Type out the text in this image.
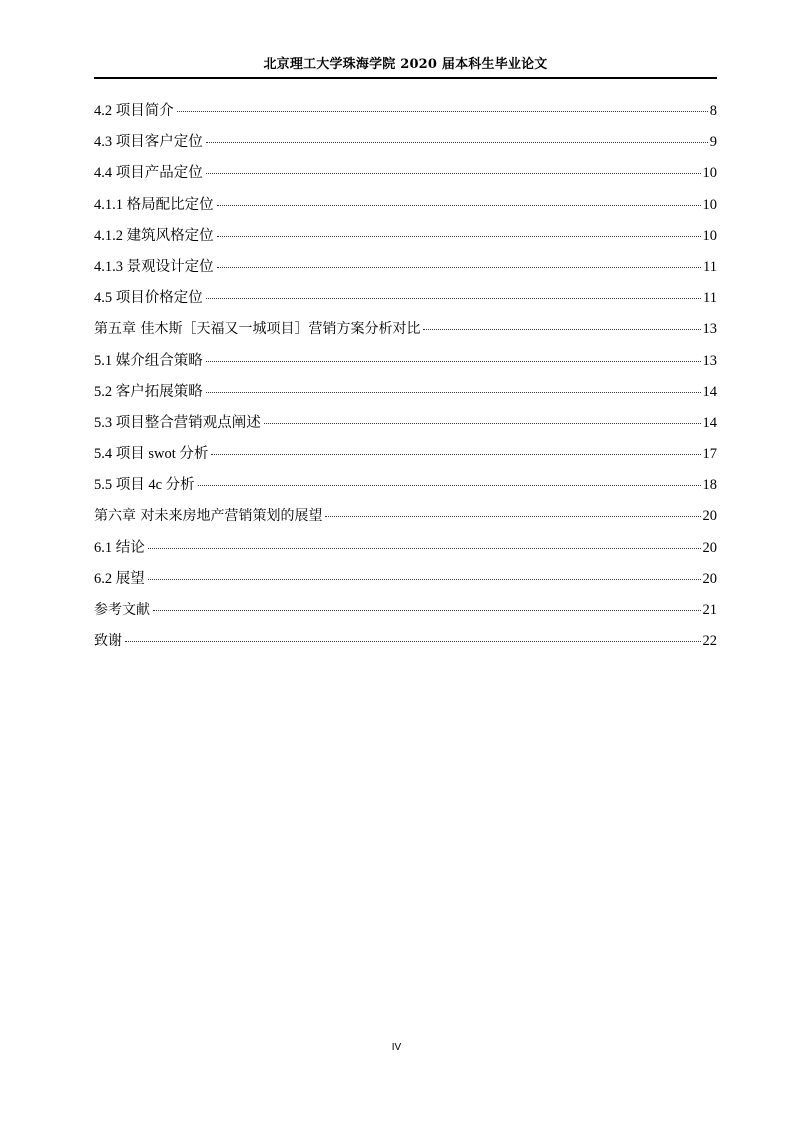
北京理工大学珠海学院 2020 届本科生毕业论文
4.2 项目简介	8
4.3 项目客户定位	9
4.4 项目产品定位	10
4.1.1 格局配比定位	10
4.1.2 建筑风格定位	10
4.1.3 景观设计定位	11
4.5 项目价格定位	11
第五章 佳木斯［天福又一城项目］营销方案分析对比	13
5.1 媒介组合策略	13
5.2 客户拓展策略	14
5.3 项目整合营销观点阐述	14
5.4 项目 swot 分析	17
5.5 项目 4c 分析	18
第六章 对未来房地产营销策划的展望	20
6.1 结论	20
6.2 展望	20
参考文献	21
致谢	22
IV
